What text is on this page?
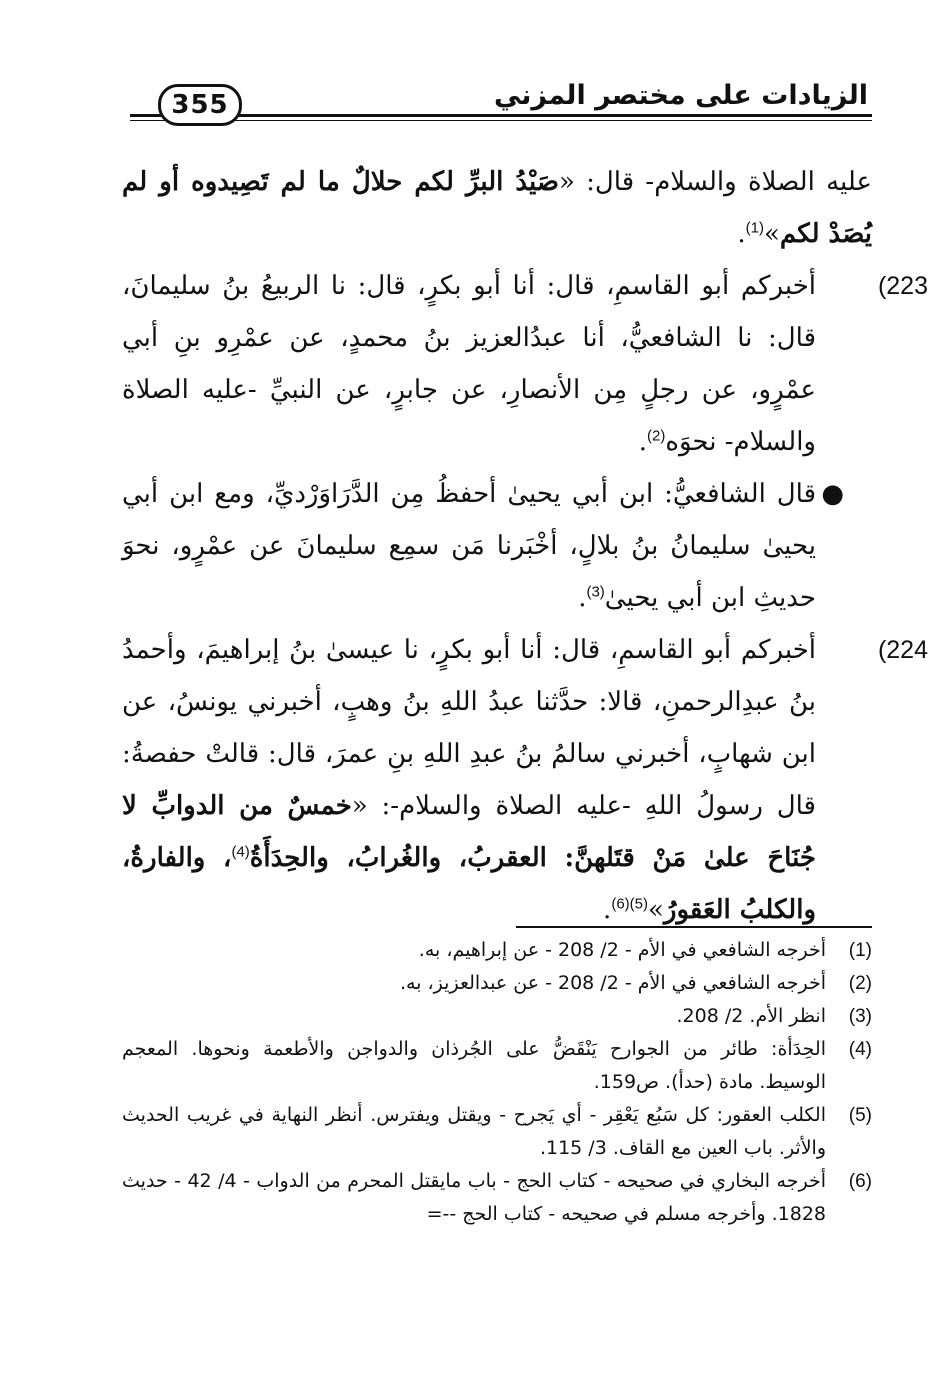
355	الزيادات على مختصر المزني

عليه الصلاة والسلام- قال: «صَيْدُ البرِّ لكم حلالٌ ما لم تَصِيدوه أو لم يُصَدْ لكم»$^{(1)}$.

223)أخبركم أبو القاسمِ، قال: أنا أبو بكرٍ، قال: نا الربيعُ بنُ سليمانَ، قال: نا الشافعيُّ، أنا عبدُالعزيز بنُ محمدٍ، عن عمْرِو بنِ أبي عمْرٍو، عن رجلٍ مِن الأنصارِ، عن جابرٍ، عن النبيِّ -عليه الصلاة والسلام- نحوَه$^{(2)}$.

●قال الشافعيُّ: ابن أبي يحيىٰ أحفظُ مِن الدَّرَاوَرْديِّ، ومع ابن أبي يحيىٰ سليمانُ بنُ بلالٍ، أخْبَرنا مَن سمِع سليمانَ عن عمْرٍو، نحوَ حديثِ ابن أبي يحيىٰ$^{(3)}$.

224)أخبركم أبو القاسمِ، قال: أنا أبو بكرٍ، نا عيسىٰ بنُ إبراهيمَ، وأحمدُ بنُ عبدِالرحمنِ، قالا: حدَّثنا عبدُ اللهِ بنُ وهبٍ، أخبرني يونسُ، عن ابن شهابٍ، أخبرني سالمُ بنُ عبدِ اللهِ بنِ عمرَ، قال: قالتْ حفصةُ: قال رسولُ اللهِ -عليه الصلاة والسلام-: «خمسٌ من الدوابِّ لا جُنَاحَ علىٰ مَنْ قتَلهنَّ: العقربُ، والغُرابُ، والحِدَأَةُ$^{(4)}$، والفارةُ، والكلبُ العَقورُ»$^{(5)(6)}$.

(1)أخرجه الشافعي في الأم - 2/ 208 - عن إبراهيم، به.

(2)أخرجه الشافعي في الأم - 2/ 208 - عن عبدالعزيز، به.

(3)انظر الأم. 2/ 208.

(4)الحِدَأة: طائر من الجوارح يَنْقَضُّ على الجُرذان والدواجن والأطعمة ونحوها. المعجم الوسيط. مادة (حدأ). ص159.

(5)الكلب العقور: كل سَبُع يَعْقِر - أي يَجرح - ويقتل ويفترس. أنظر النهاية في غريب الحديث والأثر. باب العين مع القاف. 3/ 115.

(6)أخرجه البخاري في صحيحه - كتاب الحج - باب مايقتل المحرم من الدواب - 4/ 42 - حديث 1828. وأخرجه مسلم في صحيحه - كتاب الحج --=
